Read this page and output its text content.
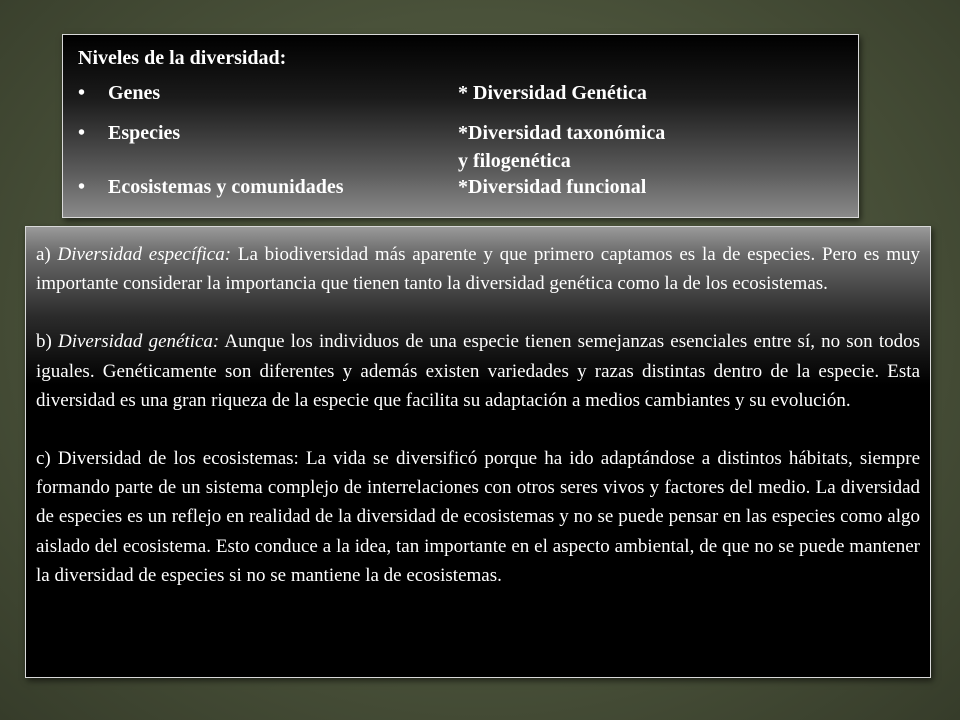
Niveles de la diversidad:
•	Genes	* Diversidad Genética
•	Especies	*Diversidad taxonómica
y filogenética
•	Ecosistemas y comunidades	*Diversidad funcional

a) Diversidad específica: La biodiversidad más aparente y que primero captamos es la de especies. Pero es muy importante considerar la importancia que tienen tanto la diversidad genética como la de los ecosistemas.

b) Diversidad genética: Aunque los individuos de una especie tienen semejanzas esenciales entre sí, no son todos iguales. Genéticamente son diferentes y además existen variedades y razas distintas dentro de la especie. Esta diversidad es una gran riqueza de la especie que facilita su adaptación a medios cambiantes y su evolución.

c) Diversidad de los ecosistemas: La vida se diversificó porque ha ido adaptándose a distintos hábitats, siempre formando parte de un sistema complejo de interrelaciones con otros seres vivos y factores del medio. La diversidad de especies es un reflejo en realidad de la diversidad de ecosistemas y no se puede pensar en las especies como algo aislado del ecosistema. Esto conduce a la idea, tan importante en el aspecto ambiental, de que no se puede mantener la diversidad de especies si no se mantiene la de ecosistemas.
